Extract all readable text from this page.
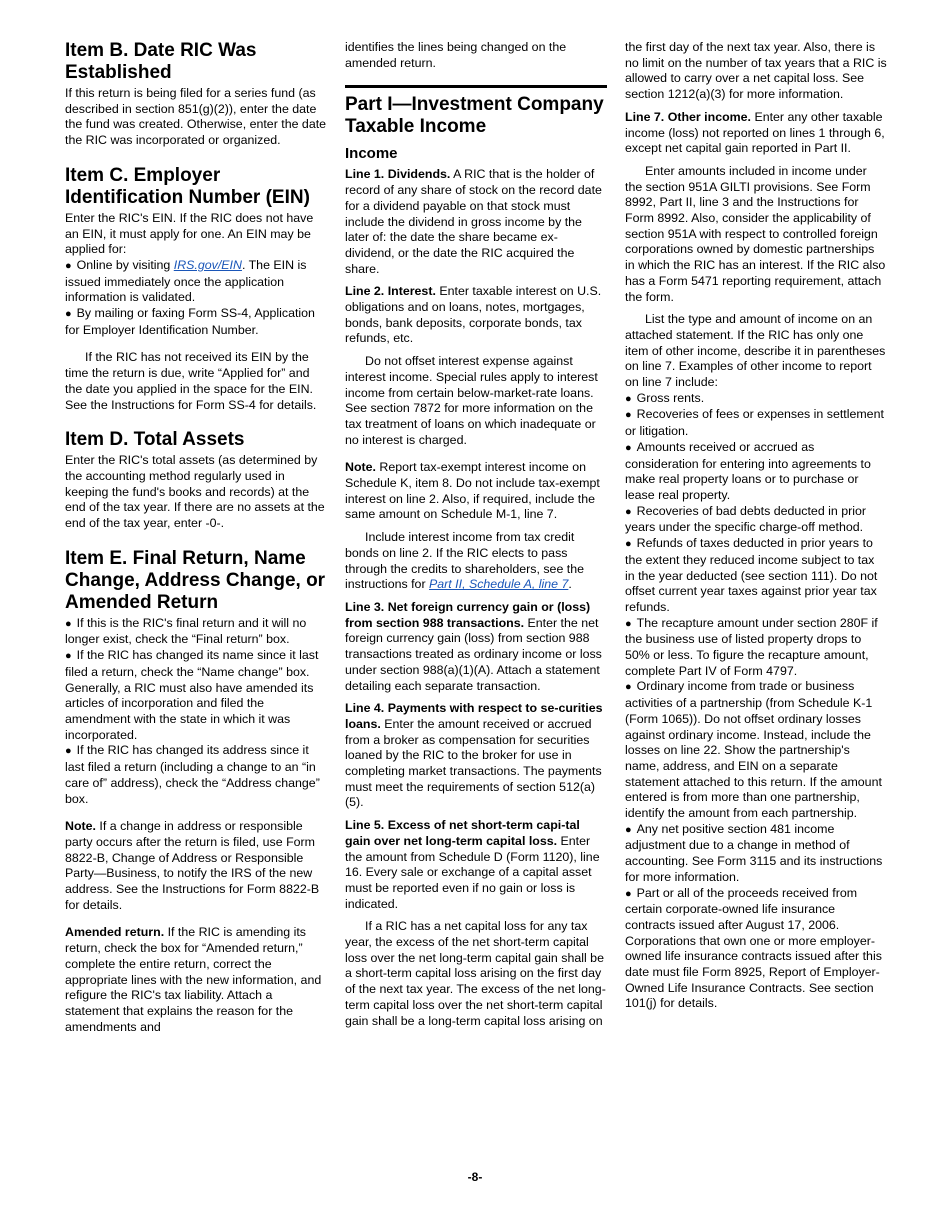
Item B. Date RIC Was Established

If this return is being filed for a series fund (as described in section 851(g)(2)), enter the date the fund was created. Otherwise, enter the date the RIC was incorporated or organized.

Item C. Employer Identification Number (EIN)

Enter the RIC's EIN. If the RIC does not have an EIN, it must apply for one. An EIN may be applied for:

● Online by visiting IRS.gov/EIN. The EIN is issued immediately once the application information is validated.

● By mailing or faxing Form SS-4, Application for Employer Identification Number.

If the RIC has not received its EIN by the time the return is due, write “Applied for” and the date you applied in the space for the EIN. See the Instructions for Form SS-4 for details.

Item D. Total Assets

Enter the RIC's total assets (as determined by the accounting method regularly used in keeping the fund's books and records) at the end of the tax year. If there are no assets at the end of the tax year, enter -0-.

Item E. Final Return, Name Change, Address Change, or Amended Return

● If this is the RIC's final return and it will no longer exist, check the “Final return” box.

● If the RIC has changed its name since it last filed a return, check the “Name change” box. Generally, a RIC must also have amended its articles of incorporation and filed the amendment with the state in which it was incorporated.

● If the RIC has changed its address since it last filed a return (including a change to an “in care of” address), check the “Address change” box.

Note. If a change in address or responsible party occurs after the return is filed, use Form 8822-B, Change of Address or Responsible Party—Business, to notify the IRS of the new address. See the Instructions for Form 8822-B for details.

Amended return. If the RIC is amending its return, check the box for “Amended return,” complete the entire return, correct the appropriate lines with the new information, and refigure the RIC's tax liability. Attach a statement that explains the reason for the amendments and

identifies the lines being changed on the amended return.

Part I—Investment Company Taxable Income
Income

Line 1. Dividends. A RIC that is the holder of record of any share of stock on the record date for a dividend payable on that stock must include the dividend in gross income by the later of: the date the share became ex-dividend, or the date the RIC acquired the share.

Line 2. Interest. Enter taxable interest on U.S. obligations and on loans, notes, mortgages, bonds, bank deposits, corporate bonds, tax refunds, etc.

Do not offset interest expense against interest income. Special rules apply to interest income from certain below-market-rate loans. See section 7872 for more information on the tax treatment of loans on which inadequate or no interest is charged.

Note. Report tax-exempt interest income on Schedule K, item 8. Do not include tax-exempt interest on line 2. Also, if required, include the same amount on Schedule M-1, line 7.

Include interest income from tax credit bonds on line 2. If the RIC elects to pass through the credits to shareholders, see the instructions for Part II, Schedule A, line 7.

Line 3. Net foreign currency gain or (loss) from section 988 transactions. Enter the net foreign currency gain (loss) from section 988 transactions treated as ordinary income or loss under section 988(a)(1)(A). Attach a statement detailing each separate transaction.

Line 4. Payments with respect to se-curities loans. Enter the amount received or accrued from a broker as compensation for securities loaned by the RIC to the broker for use in completing market transactions. The payments must meet the requirements of section 512(a)(5).

Line 5. Excess of net short-term capi-tal gain over net long-term capital loss. Enter the amount from Schedule D (Form 1120), line 16. Every sale or exchange of a capital asset must be reported even if no gain or loss is indicated.

If a RIC has a net capital loss for any tax year, the excess of the net short-term capital loss over the net long-term capital gain shall be a short-term capital loss arising on the first day of the next tax year. The excess of the net long-term capital loss over the net short-term capital gain shall be a long-term capital loss arising on

the first day of the next tax year. Also, there is no limit on the number of tax years that a RIC is allowed to carry over a net capital loss. See section 1212(a)(3) for more information.

Line 7. Other income. Enter any other taxable income (loss) not reported on lines 1 through 6, except net capital gain reported in Part II.

Enter amounts included in income under the section 951A GILTI provisions. See Form 8992, Part II, line 3 and the Instructions for Form 8992. Also, consider the applicability of section 951A with respect to controlled foreign corporations owned by domestic partnerships in which the RIC has an interest. If the RIC also has a Form 5471 reporting requirement, attach the form.

List the type and amount of income on an attached statement. If the RIC has only one item of other income, describe it in parentheses on line 7. Examples of other income to report on line 7 include:

● Gross rents.

● Recoveries of fees or expenses in settlement or litigation.

● Amounts received or accrued as consideration for entering into agreements to make real property loans or to purchase or lease real property.

● Recoveries of bad debts deducted in prior years under the specific charge-off method.

● Refunds of taxes deducted in prior years to the extent they reduced income subject to tax in the year deducted (see section 111). Do not offset current year taxes against prior year tax refunds.

● The recapture amount under section 280F if the business use of listed property drops to 50% or less. To figure the recapture amount, complete Part IV of Form 4797.

● Ordinary income from trade or business activities of a partnership (from Schedule K-1 (Form 1065)). Do not offset ordinary losses against ordinary income. Instead, include the losses on line 22. Show the partnership's name, address, and EIN on a separate statement attached to this return. If the amount entered is from more than one partnership, identify the amount from each partnership.

● Any net positive section 481 income adjustment due to a change in method of accounting. See Form 3115 and its instructions for more information.

● Part or all of the proceeds received from certain corporate-owned life insurance contracts issued after August 17, 2006. Corporations that own one or more employer-owned life insurance contracts issued after this date must file Form 8925, Report of Employer-Owned Life Insurance Contracts. See section 101(j) for details.

-8-
